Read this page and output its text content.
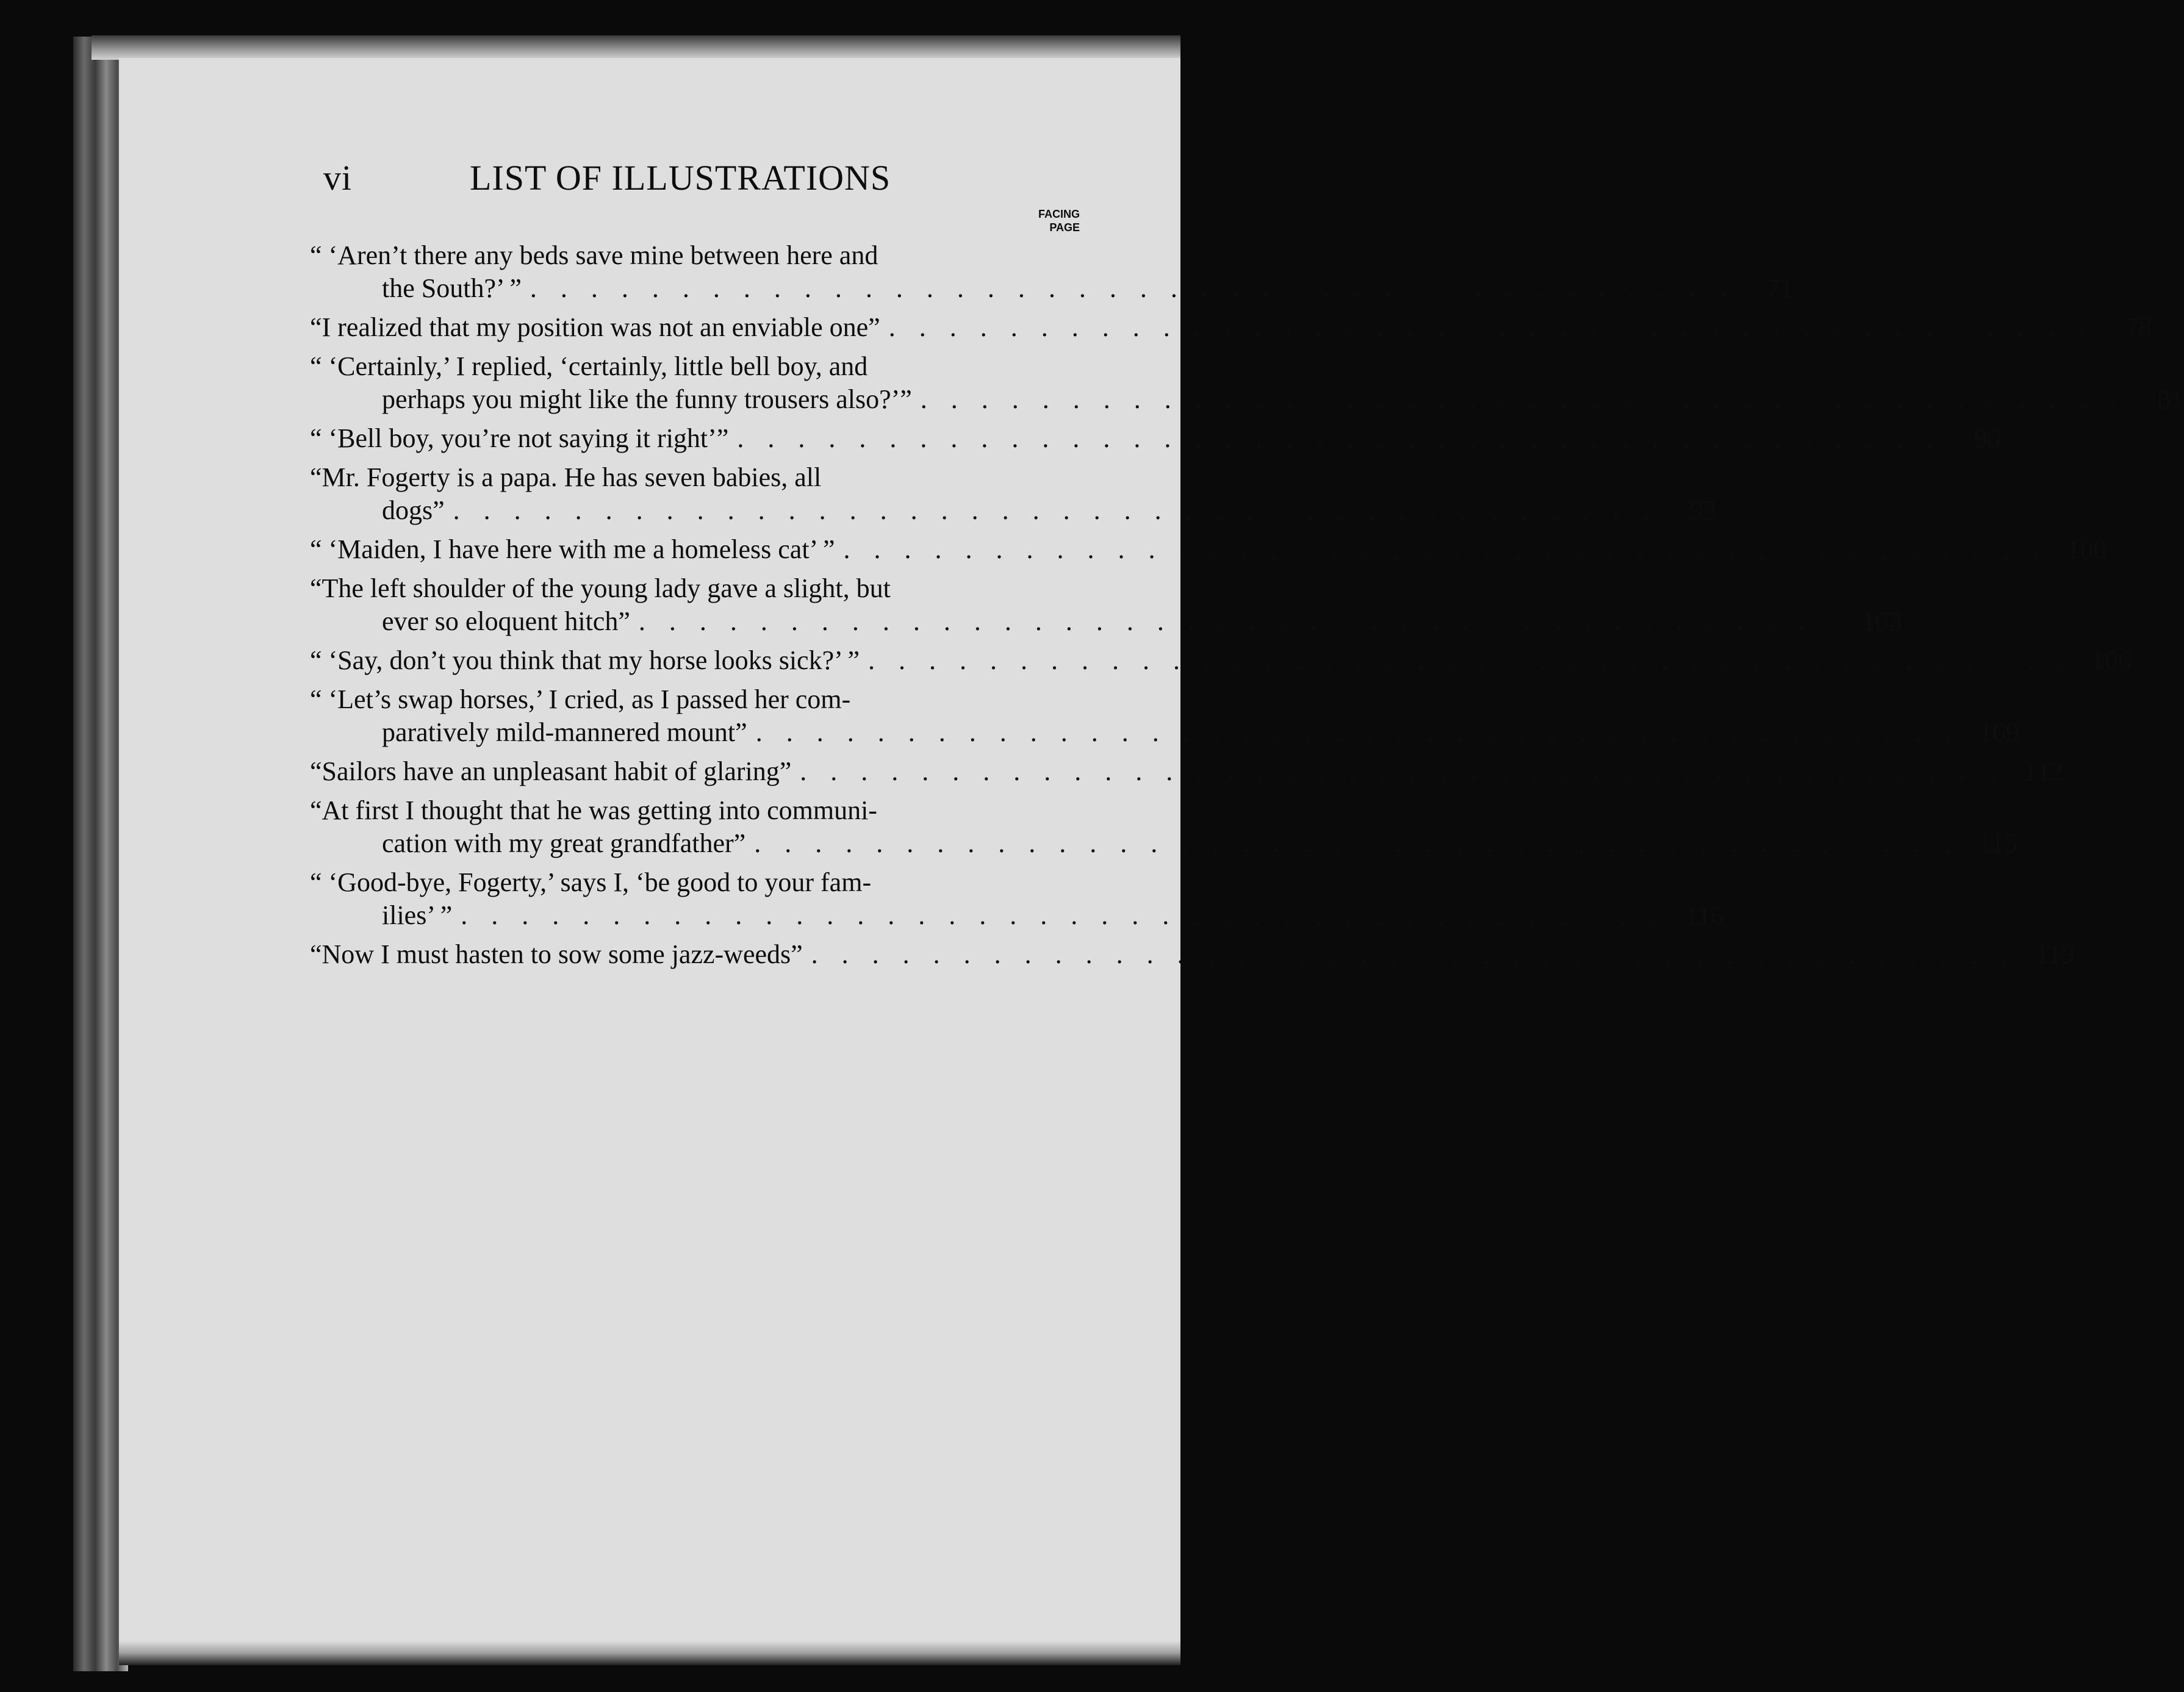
vi	LIST OF ILLUSTRATIONS
FACING
PAGE
“ ‘Aren’t there any beds save mine between here and
the South?’ ” . . . . . . . . . . . . . . . . . . . . . . . . . . . . . . . . . . . . . . . .	71
“I realized that my position was not an enviable one” . . . . . . . . . . . . . . . . . . . . . . . . . . . . . . . . . . . . . . . .	78
“ ‘Certainly,’ I replied, ‘certainly, little bell boy, and
perhaps you might like the funny trousers also?’” . . . . . . . . . . . . . . . . . . . . . . . . . . . . . . . . . . . . . . . .	81
“ ‘Bell boy, you’re not saying it right’” . . . . . . . . . . . . . . . . . . . . . . . . . . . . . . . . . . . . . . . .	90
“Mr. Fogerty is a papa. He has seven babies, all
dogs” . . . . . . . . . . . . . . . . . . . . . . . . . . . . . . . . . . . . . . . .	93
“ ‘Maiden, I have here with me a homeless cat’ ” . . . . . . . . . . . . . . . . . . . . . . . . . . . . . . . . . . . . . . . . 100
“The left shoulder of the young lady gave a slight, but
ever so eloquent hitch” . . . . . . . . . . . . . . . . . . . . . . . . . . . . . . . . . . . . . . . . 103
“ ‘Say, don’t you think that my horse looks sick?’ ” . . . . . . . . . . . . . . . . . . . . . . . . . . . . . . . . . . . . . . . . 106
“ ‘Let’s swap horses,’ I cried, as I passed her com-
paratively mild-mannered mount” . . . . . . . . . . . . . . . . . . . . . . . . . . . . . . . . . . . . . . . . 109
“Sailors have an unpleasant habit of glaring” . . . . . . . . . . . . . . . . . . . . . . . . . . . . . . . . . . . . . . . . 112
“At first I thought that he was getting into communi-
cation with my great grandfather” . . . . . . . . . . . . . . . . . . . . . . . . . . . . . . . . . . . . . . . . 115
“ ‘Good-bye, Fogerty,’ says I, ‘be good to your fam-
ilies’ ” . . . . . . . . . . . . . . . . . . . . . . . . . . . . . . . . . . . . . . . . 116
“Now I must hasten to sow some jazz-weeds” . . . . . . . . . . . . . . . . . . . . . . . . . . . . . . . . . . . . . . . . 119
